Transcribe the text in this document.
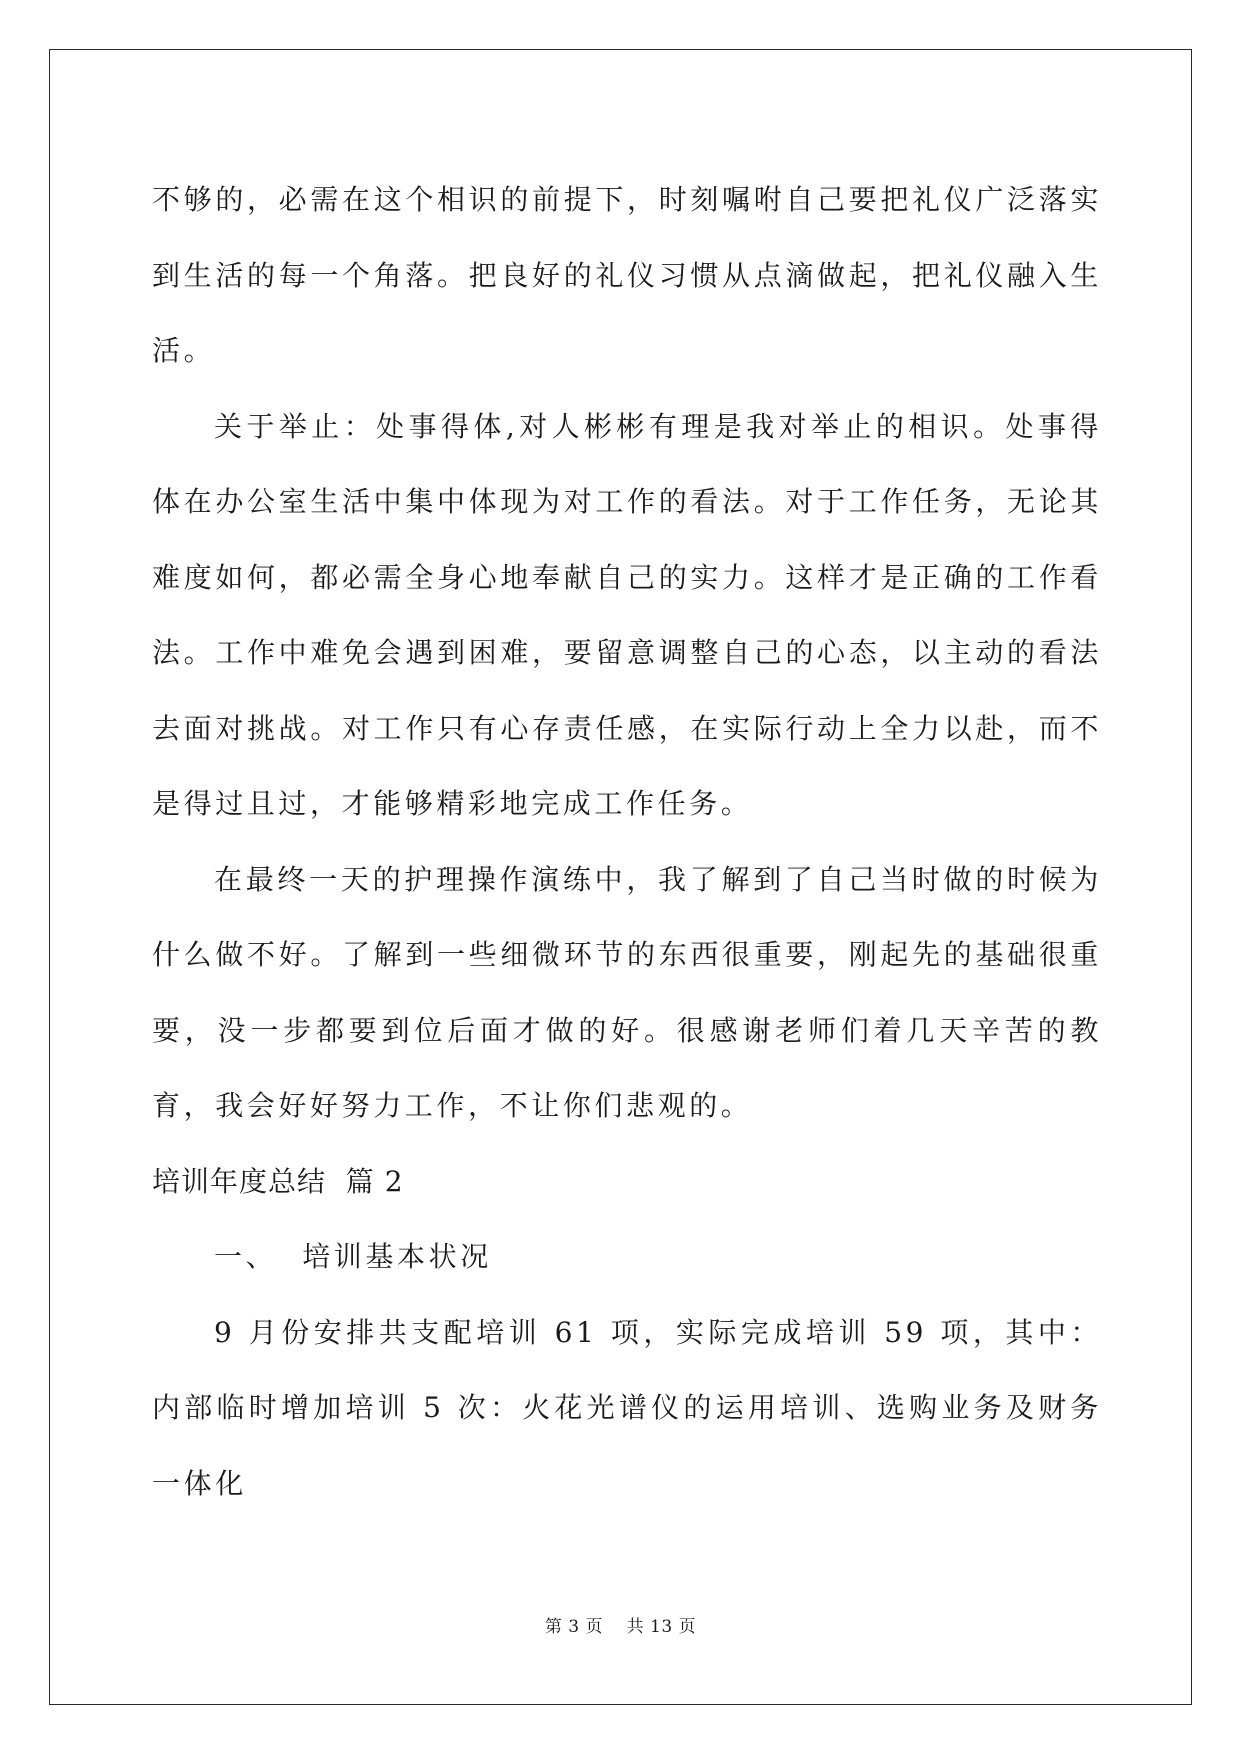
不够的，必需在这个相识的前提下，时刻嘱咐自己要把礼仪广泛落实到生活的每一个角落。把良好的礼仪习惯从点滴做起，把礼仪融入生活。

关于举止：处事得体,对人彬彬有理是我对举止的相识。处事得体在办公室生活中集中体现为对工作的看法。对于工作任务，无论其难度如何，都必需全身心地奉献自己的实力。这样才是正确的工作看法。工作中难免会遇到困难，要留意调整自己的心态，以主动的看法去面对挑战。对工作只有心存责任感，在实际行动上全力以赴，而不是得过且过，才能够精彩地完成工作任务。

在最终一天的护理操作演练中，我了解到了自己当时做的时候为什么做不好。了解到一些细微环节的东西很重要，刚起先的基础很重要，没一步都要到位后面才做的好。很感谢老师们着几天辛苦的教育，我会好好努力工作，不让你们悲观的。

培训年度总结  篇 2

一、  培训基本状况

9 月份安排共支配培训 61 项，实际完成培训 59 项，其中：内部临时增加培训 5 次：火花光谱仪的运用培训、选购业务及财务一体化

第 3 页    共 13 页
